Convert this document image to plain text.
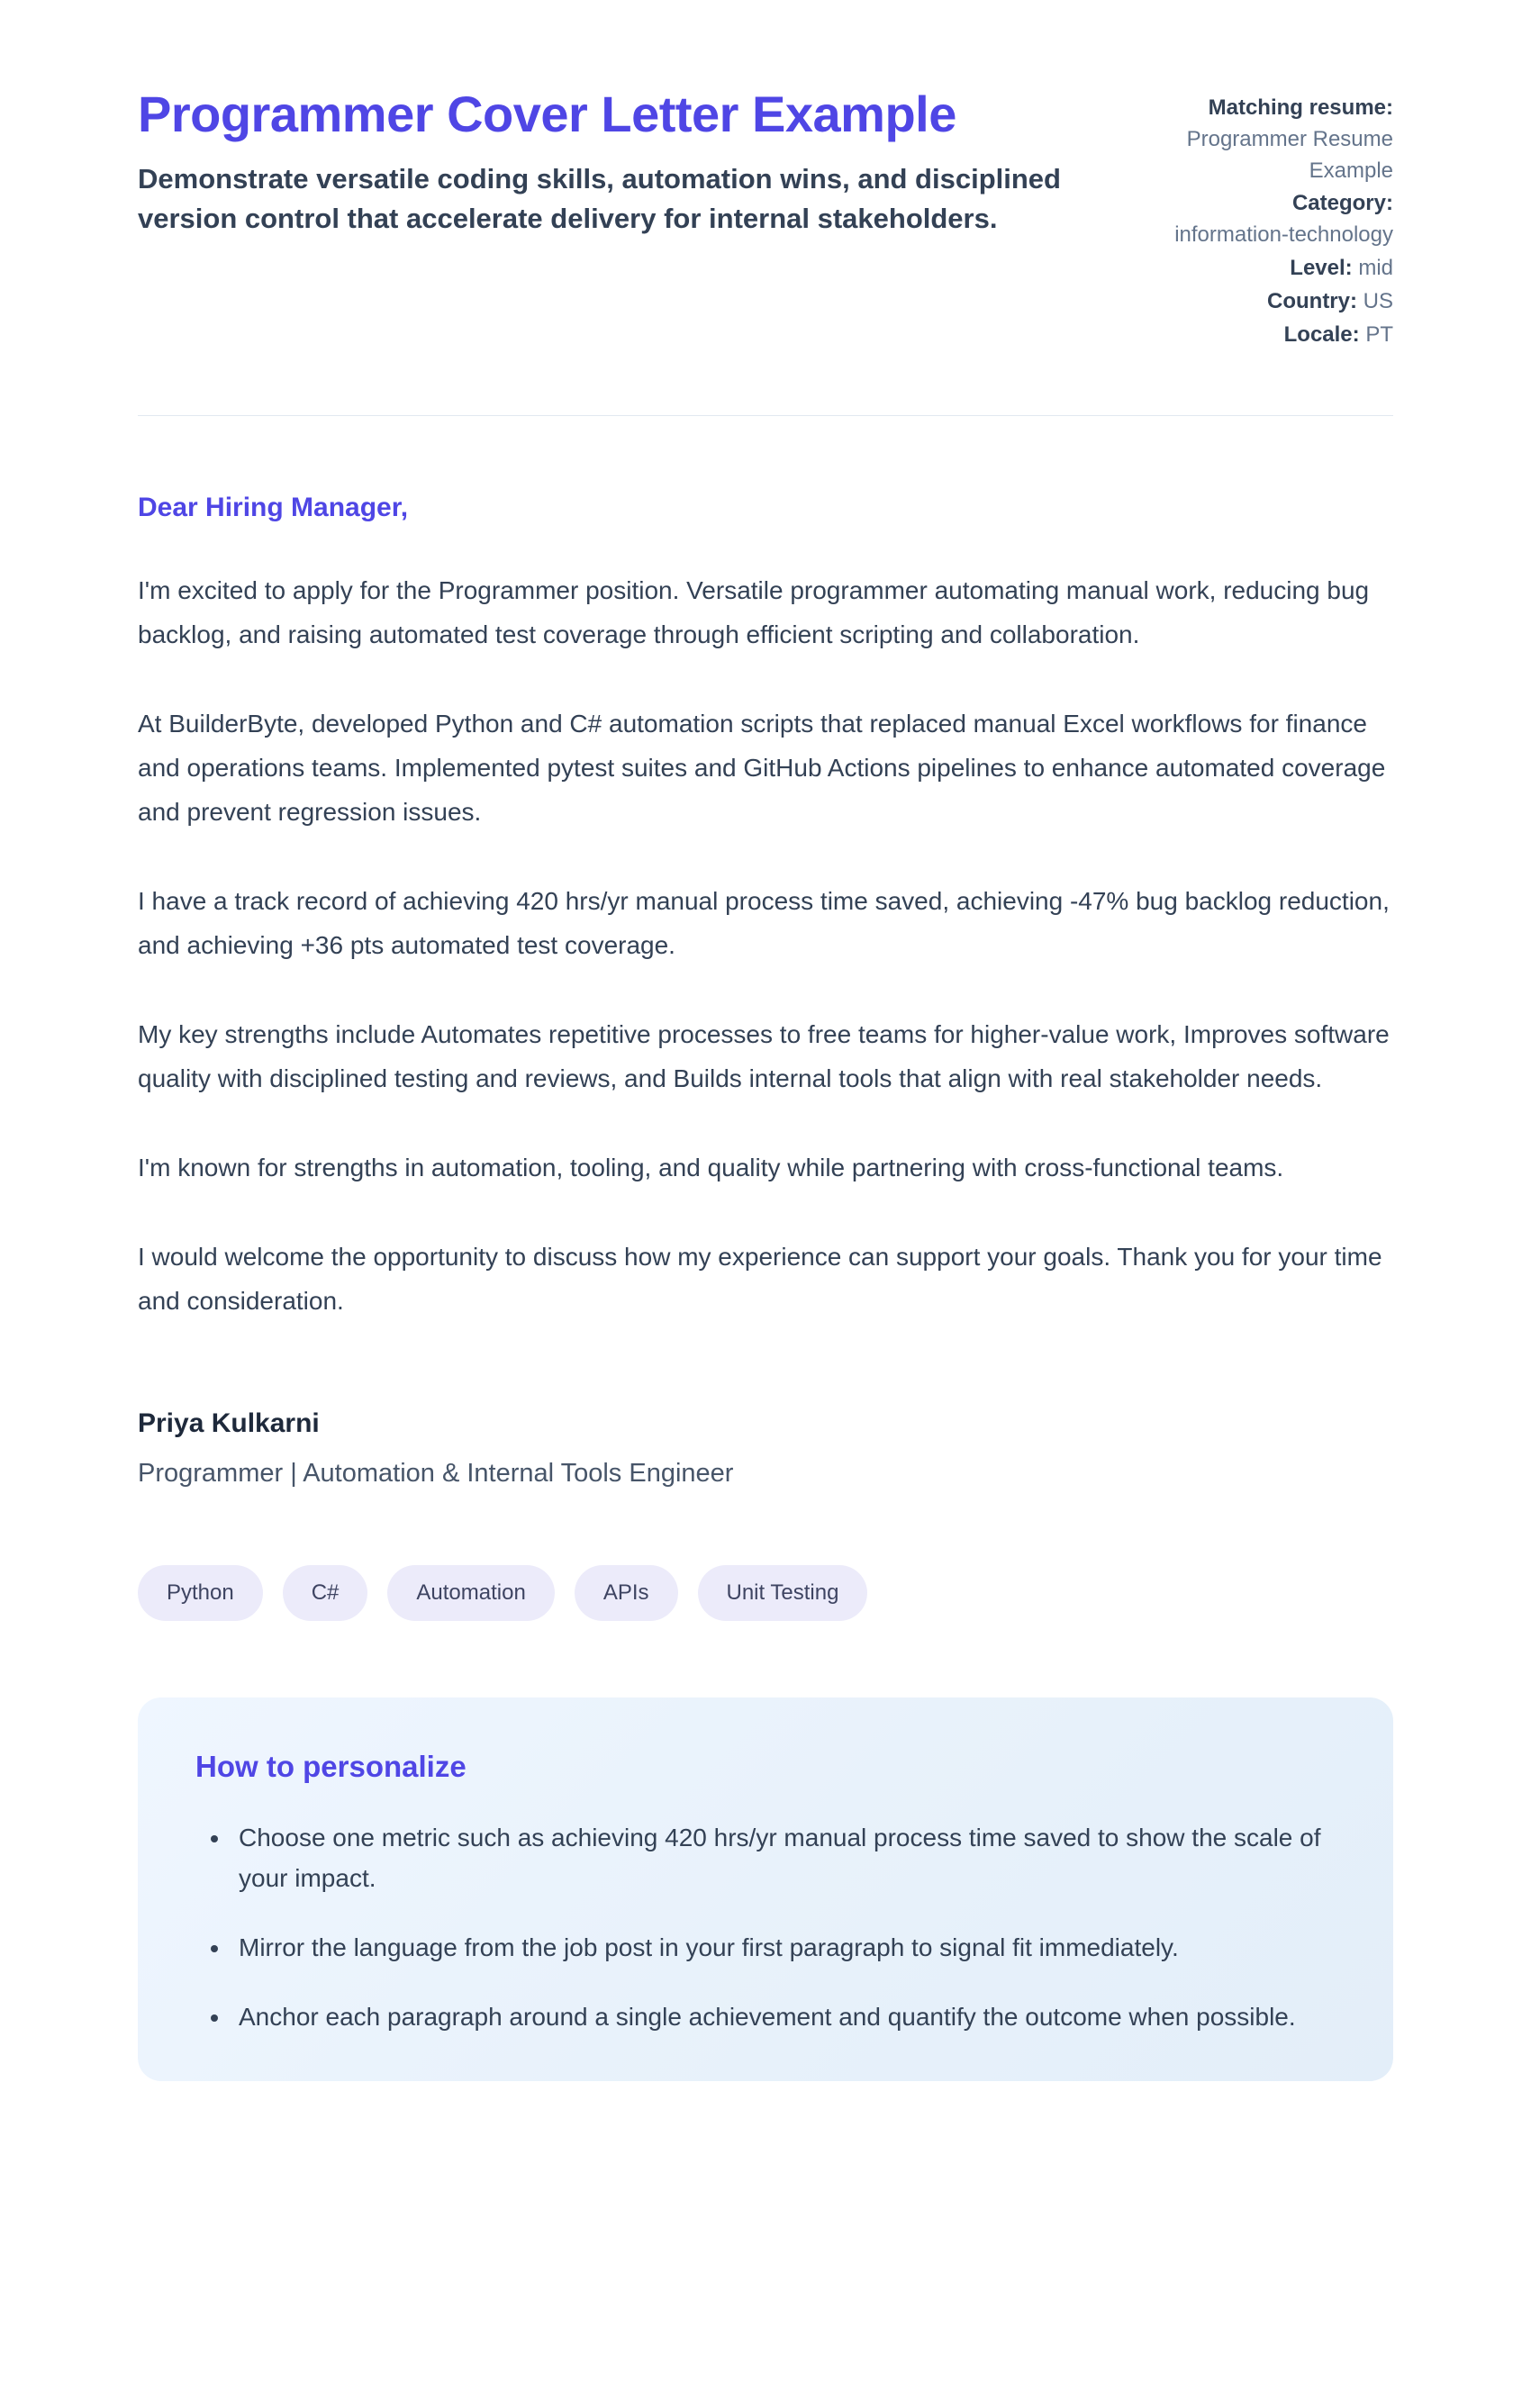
Programmer Cover Letter Example

Demonstrate versatile coding skills, automation wins, and disciplined version control that accelerate delivery for internal stakeholders.

Matching resume: Programmer Resume Example
Category: information-technology
Level: mid
Country: US
Locale: PT

Dear Hiring Manager,

I'm excited to apply for the Programmer position. Versatile programmer automating manual work, reducing bug backlog, and raising automated test coverage through efficient scripting and collaboration.

At BuilderByte, developed Python and C# automation scripts that replaced manual Excel workflows for finance and operations teams. Implemented pytest suites and GitHub Actions pipelines to enhance automated coverage and prevent regression issues.

I have a track record of achieving 420 hrs/yr manual process time saved, achieving -47% bug backlog reduction, and achieving +36 pts automated test coverage.

My key strengths include Automates repetitive processes to free teams for higher-value work, Improves software quality with disciplined testing and reviews, and Builds internal tools that align with real stakeholder needs.

I'm known for strengths in automation, tooling, and quality while partnering with cross-functional teams.

I would welcome the opportunity to discuss how my experience can support your goals. Thank you for your time and consideration.

Priya Kulkarni

Programmer | Automation & Internal Tools Engineer

Python	C#	Automation	APIs	Unit Testing
How to personalize
• Choose one metric such as achieving 420 hrs/yr manual process time saved to show the scale of your impact.
• Mirror the language from the job post in your first paragraph to signal fit immediately.
• Anchor each paragraph around a single achievement and quantify the outcome when possible.
